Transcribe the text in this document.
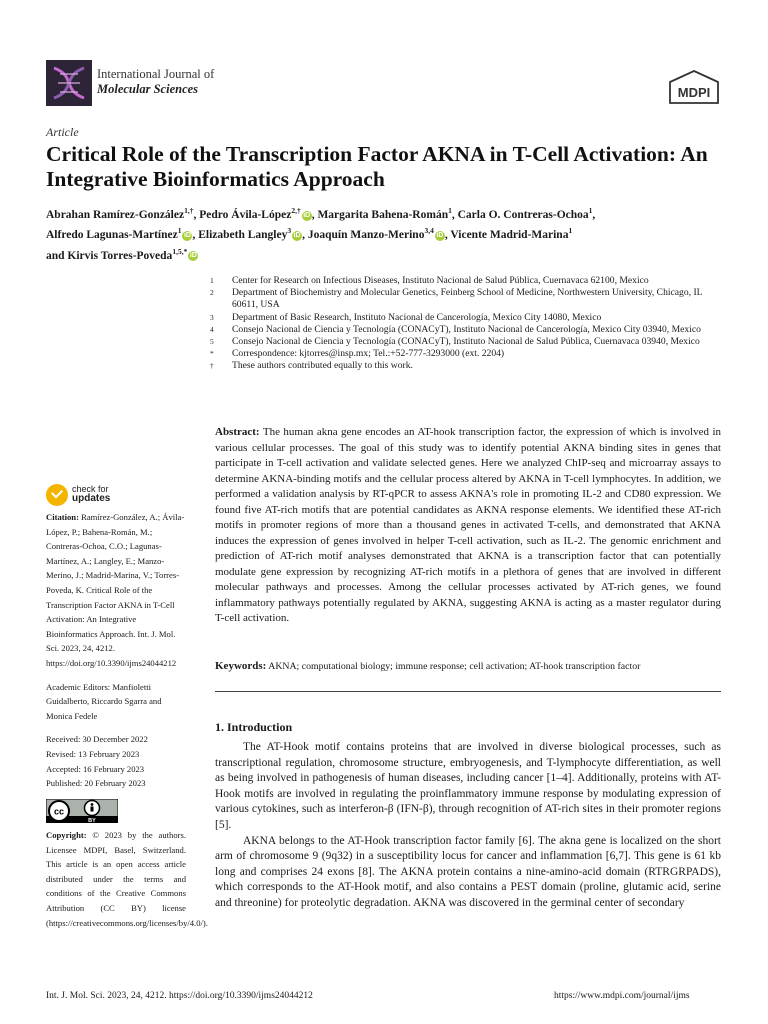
International Journal of
Molecular Sciences	MDPI
Article
Critical Role of the Transcription Factor AKNA in T-Cell Activation: An Integrative Bioinformatics Approach
Abrahan Ramírez-González$^{1,\dagger}$, Pedro Ávila-López$^{2,\dagger}$iD , Margarita Bahena-Román$^1$, Carla O. Contreras-Ochoa$^1$,
Alfredo Lagunas-Martínez$^1$iD , Elizabeth Langley$^3$iD , Joaquín Manzo-Merino$^{3,4}$iD , Vicente Madrid-Marina$^1$
and Kirvis Torres-Poveda$^{1,5,*}$iD
1	Center for Research on Infectious Diseases, Instituto Nacional de Salud Pública, Cuernavaca 62100, Mexico
2	Department of Biochemistry and Molecular Genetics, Feinberg School of Medicine, Northwestern University, Chicago, IL 60611, USA
3	Department of Basic Research, Instituto Nacional de Cancerología, Mexico City 14080, Mexico
4	Consejo Nacional de Ciencia y Tecnología (CONACyT), Instituto Nacional de Cancerología, Mexico City 03940, Mexico
5	Consejo Nacional de Ciencia y Tecnología (CONACyT), Instituto Nacional de Salud Pública, Cuernavaca 03940, Mexico
*	Correspondence: kjtorres@insp.mx; Tel.:+52-777-3293000 (ext. 2204)
†	These authors contributed equally to this work.
check for
updates
Citation: Ramírez-González, A.; Ávila-López, P.; Bahena-Román, M.; Contreras-Ochoa, C.O.; Lagunas-Martínez, A.; Langley, E.; Manzo-Merino, J.; Madrid-Marina, V.; Torres-Poveda, K. Critical Role of the Transcription Factor AKNA in T-Cell Activation: An Integrative Bioinformatics Approach. Int. J. Mol. Sci. 2023, 24, 4212. https://doi.org/10.3390/ijms24044212
Academic Editors: Manfioletti Guidalberto, Riccardo Sgarra and Monica Fedele
Received: 30 December 2022
Revised: 13 February 2023
Accepted: 16 February 2023
Published: 20 February 2023
cc
BY
Copyright: © 2023 by the authors. Licensee MDPI, Basel, Switzerland. This article is an open access article distributed under the terms and conditions of the Creative Commons Attribution (CC BY) license (https://creativecommons.org/licenses/by/4.0/).
Abstract: The human akna gene encodes an AT-hook transcription factor, the expression of which is involved in various cellular processes. The goal of this study was to identify potential AKNA binding sites in genes that participate in T-cell activation and validate selected genes. Here we analyzed ChIP-seq and microarray assays to determine AKNA-binding motifs and the cellular process altered by AKNA in T-cell lymphocytes. In addition, we performed a validation analysis by RT-qPCR to assess AKNA's role in promoting IL-2 and CD80 expression. We found five AT-rich motifs that are potential candidates as AKNA response elements. We identified these AT-rich motifs in promoter regions of more than a thousand genes in activated T-cells, and demonstrated that AKNA induces the expression of genes involved in helper T-cell activation, such as IL-2. The genomic enrichment and prediction of AT-rich motif analyses demonstrated that AKNA is a transcription factor that can potentially modulate gene expression by recognizing AT-rich motifs in a plethora of genes that are involved in different molecular pathways and processes. Among the cellular processes activated by AT-rich genes, we found inflammatory pathways potentially regulated by AKNA, suggesting AKNA is acting as a master regulator during T-cell activation.
Keywords: AKNA; computational biology; immune response; cell activation; AT-hook transcription factor
1. Introduction

The AT-Hook motif contains proteins that are involved in diverse biological processes, such as transcriptional regulation, chromosome structure, embryogenesis, and T-lymphocyte differentiation, as well as being involved in pathogenesis of human diseases, including cancer [1–4]. Additionally, proteins with AT-Hook motifs are involved in regulating the proinflammatory immune response by modulating expression of various cytokines, such as interferon-β (IFN-β), through recognition of AT-rich sites in their promoter regions [5].

AKNA belongs to the AT-Hook transcription factor family [6]. The akna gene is localized on the short arm of chromosome 9 (9q32) in a susceptibility locus for cancer and inflammation [6,7]. This gene is 61 kb long and comprises 24 exons [8]. The AKNA protein contains a nine-amino-acid domain (RTRGRPADS), which corresponds to the AT-Hook motif, and also contains a PEST domain (proline, glutamic acid, serine and threonine) for proteolytic degradation. AKNA was discovered in the germinal center of secondary

Int. J. Mol. Sci. 2023, 24, 4212. https://doi.org/10.3390/ijms24044212	https://www.mdpi.com/journal/ijms
